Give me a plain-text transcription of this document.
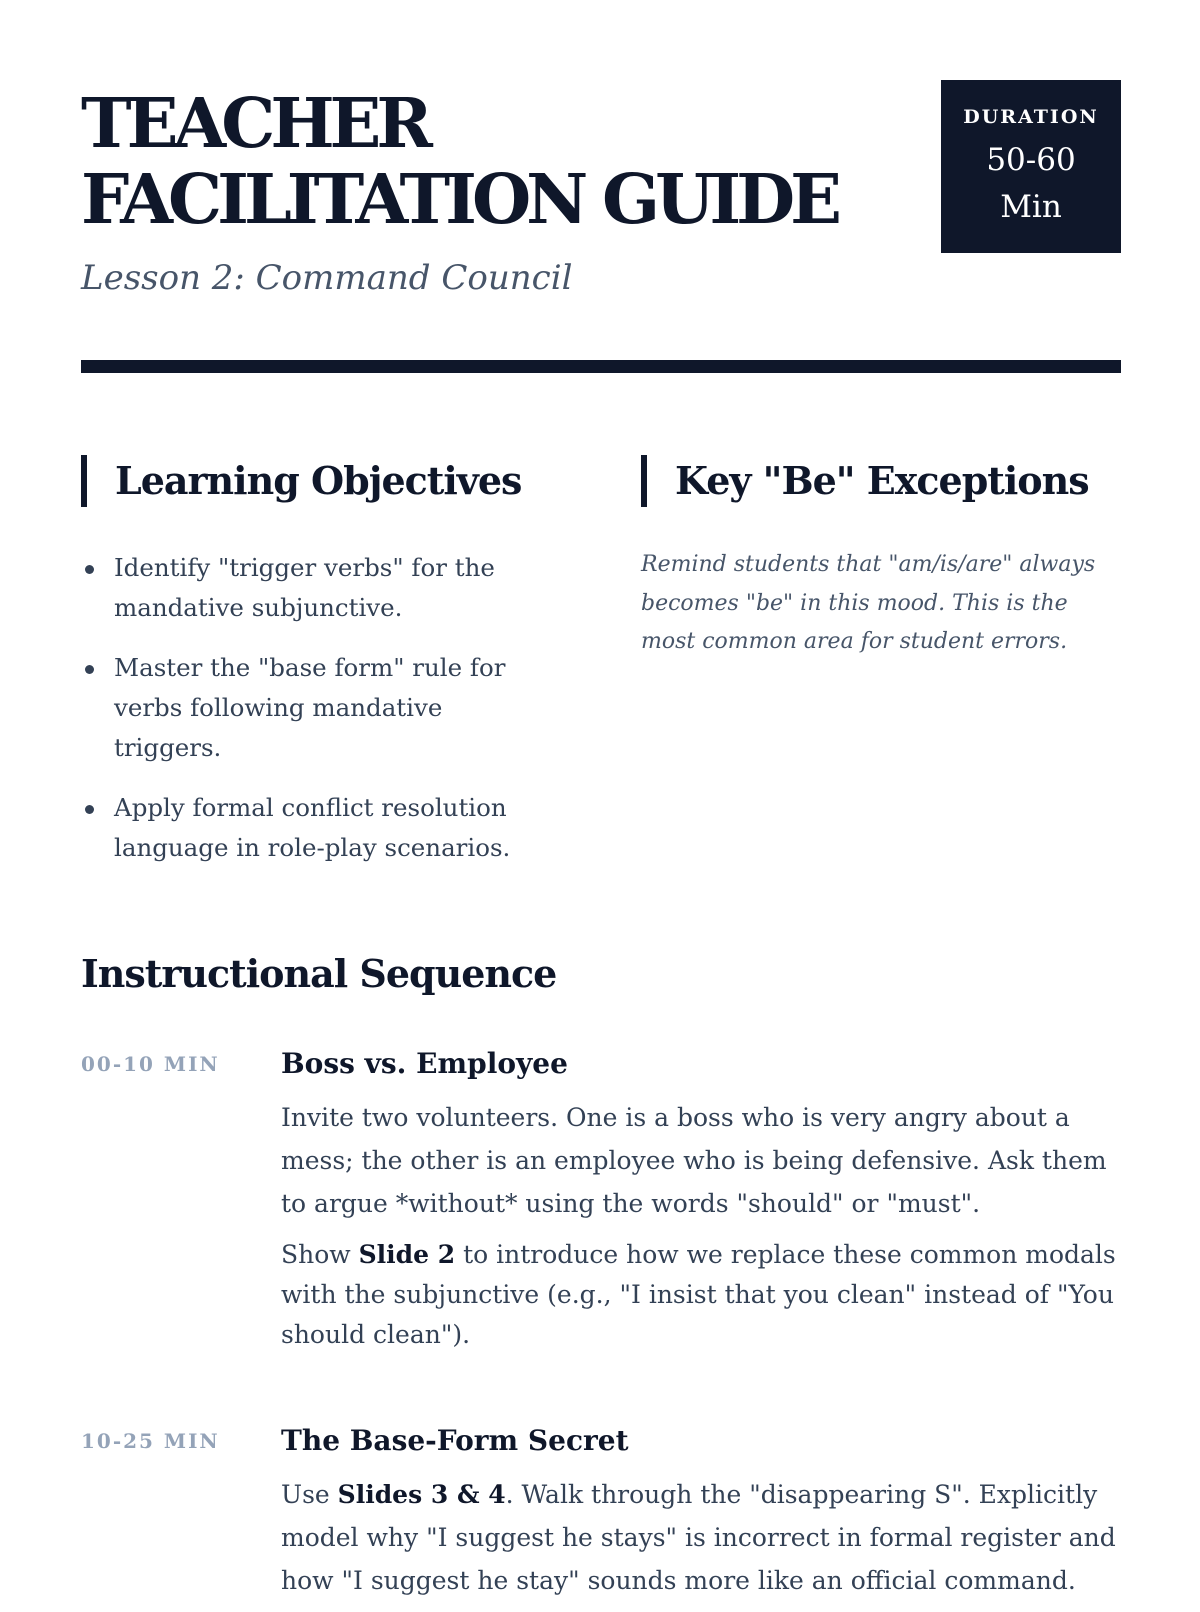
TEACHER
FACILITATION GUIDE
DURATION
50-60 Min

Lesson 2: Command Council

Learning Objectives
Identify "trigger verbs" for the mandative subjunctive.
Master the "base form" rule for verbs following mandative triggers.
Apply formal conflict resolution language in role-play scenarios.
Key "Be" Exceptions

Remind students that "am/is/are" always becomes "be" in this mood. This is the most common area for student errors.

Instructional Sequence
00-10 MIN Boss vs. Employee

Invite two volunteers. One is a boss who is very angry about a mess; the other is an employee who is being defensive. Ask them to argue *without* using the words "should" or "must".

Show Slide 2 to introduce how we replace these common modals with the subjunctive (e.g., "I insist that you clean" instead of "You should clean").

10-25 MIN The Base-Form Secret

Use Slides 3 & 4. Walk through the "disappearing S". Explicitly model why "I suggest he stays" is incorrect in formal register and how "I suggest he stay" sounds more like an official command.
